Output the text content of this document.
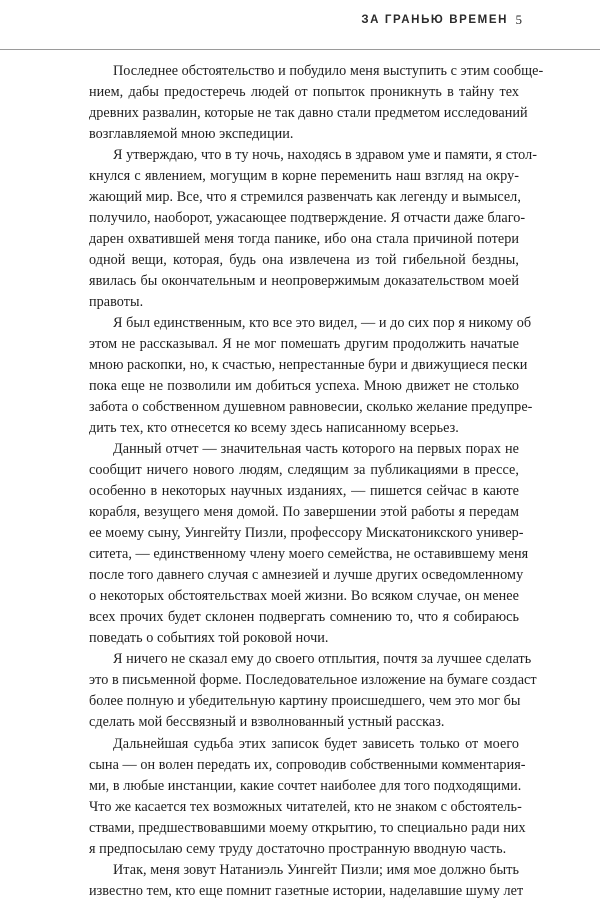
ЗА ГРАНЬЮ ВРЕМЕН 5

Последнее обстоятельство и побудило меня выступить с этим сообще-
нием, дабы предостеречь людей от попыток проникнуть в тайну тех
древних развалин, которые не так давно стали предметом исследований
возглавляемой мною экспедиции.

Я утверждаю, что в ту ночь, находясь в здравом уме и памяти, я стол-
кнулся с явлением, могущим в корне переменить наш взгляд на окру-
жающий мир. Все, что я стремился развенчать как легенду и вымысел,
получило, наоборот, ужасающее подтверждение. Я отчасти даже благо-
дарен охватившей меня тогда панике, ибо она стала причиной потери
одной вещи, которая, будь она извлечена из той гибельной бездны,
явилась бы окончательным и неопровержимым доказательством моей
правоты.

Я был единственным, кто все это видел, — и до сих пор я никому об
этом не рассказывал. Я не мог помешать другим продолжить начатые
мною раскопки, но, к счастью, непрестанные бури и движущиеся пески
пока еще не позволили им добиться успеха. Мною движет не столько
забота о собственном душевном равновесии, сколько желание предупре-
дить тех, кто отнесется ко всему здесь написанному всерьез.

Данный отчет — значительная часть которого на первых порах не
сообщит ничего нового людям, следящим за публикациями в прессе,
особенно в некоторых научных изданиях, — пишется сейчас в каюте
корабля, везущего меня домой. По завершении этой работы я передам
ее моему сыну, Уингейту Пизли, профессору Мискатоникского универ-
ситета, — единственному члену моего семейства, не оставившему меня
после того давнего случая с амнезией и лучше других осведомленному
о некоторых обстоятельствах моей жизни. Во всяком случае, он менее
всех прочих будет склонен подвергать сомнению то, что я собираюсь
поведать о событиях той роковой ночи.

Я ничего не сказал ему до своего отплытия, почтя за лучшее сделать
это в письменной форме. Последовательное изложение на бумаге создаст
более полную и убедительную картину происшедшего, чем это мог бы
сделать мой бессвязный и взволнованный устный рассказ.

Дальнейшая судьба этих записок будет зависеть только от моего
сына — он волен передать их, сопроводив собственными комментария-
ми, в любые инстанции, какие сочтет наиболее для того подходящими.
Что же касается тех возможных читателей, кто не знаком с обстоятель-
ствами, предшествовавшими моему открытию, то специально ради них
я предпосылаю сему труду достаточно пространную вводную часть.

Итак, меня зовут Натаниэль Уингейт Пизли; имя мое должно быть
известно тем, кто еще помнит газетные истории, наделавшие шуму лет
